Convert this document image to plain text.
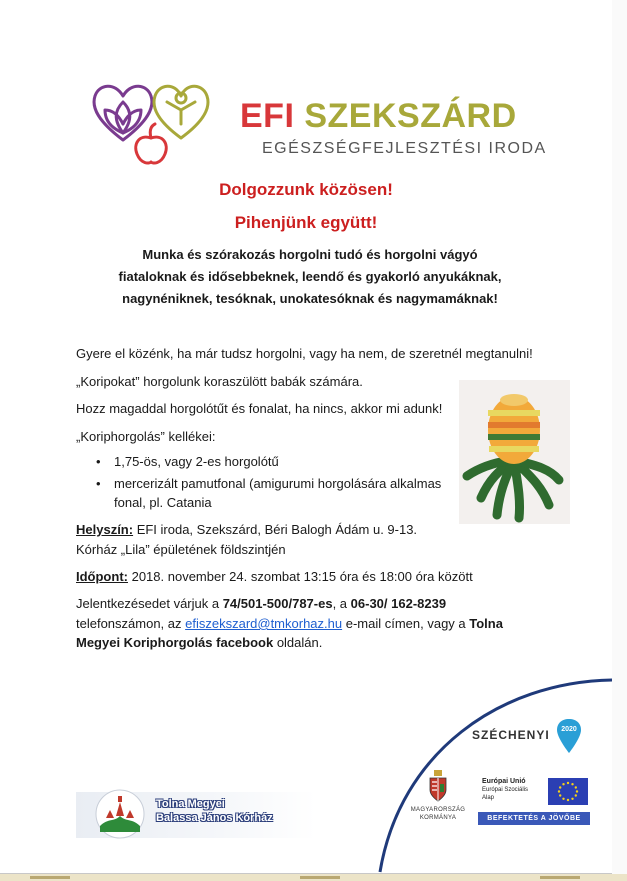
EFI SZEKSZÁRD
EGÉSZSÉGFEJLESZTÉSI IRODA
Dolgozzunk közösen!
Pihenjünk együtt!
Munka és szórakozás horgolni tudó és horgolni vágyó fiataloknak és idősebbeknek, leendő és gyakorló anyukáknak, nagynéniknek, tesóknak, unokatesóknak és nagymamáknak!
Gyere el közénk, ha már tudsz horgolni, vagy ha nem, de szeretnél megtanulni!
„Koripokat” horgolunk koraszülött babák számára.
Hozz magaddal horgolótűt és fonalat, ha nincs, akkor mi adunk!
„Koriphorgolás” kellékei:
• 1,75-ös, vagy 2-es horgolótű
• mercerizált pamutfonal (amigurumi horgolására alkalmas
fonal, pl. Catania
Helyszín: EFI iroda, Szekszárd, Béri Balogh Ádám u. 9-13.
Kórház „Lila” épületének földszintjén
Időpont: 2018. november 24. szombat 13:15 óra és 18:00 óra között
Jelentkezésedet várjuk a 74/501-500/787-es, a 06-30/ 162-8239
telefonszámon, az efiszekszard@tmkorhaz.hu e-mail címen, vagy a Tolna
Megyei Koriphorgolás facebook oldalán.
SZÉCHENYI	2020
MAGYARORSZÁG
KORMÁNYA
Európai Unió
Európai Szociális
Alap
BEFEKTETÉS A JÖVŐBE
Tolna Megyei
Balassa János Kórház
